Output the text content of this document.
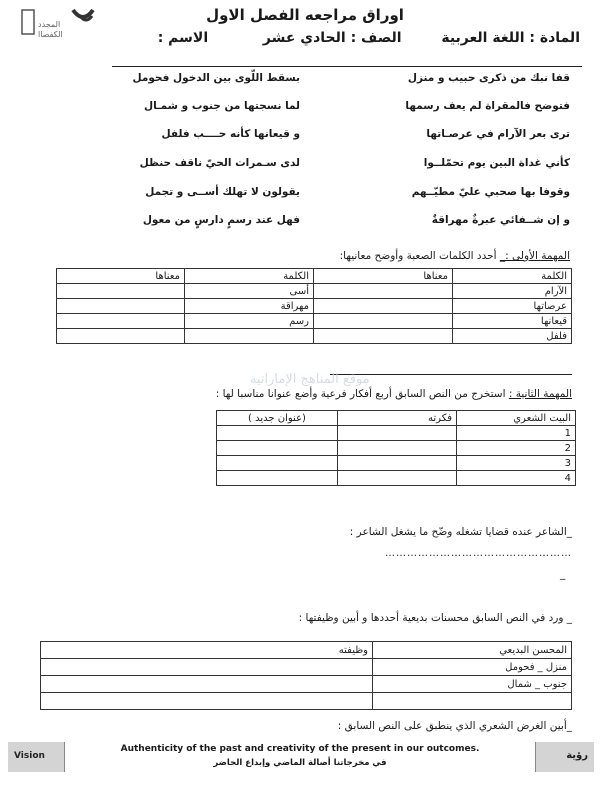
المجدد
الكفصاا
اوراق مراجعه الفصل الاول
المادة : اللغة العربية  الصف : الحادي عشر  الاسم :
قفا نبك من ذكرى حبيب و منزل
بسقط اللّوى بين الدخول فحومل
فتوضح فالمقراة لم يعف رسمها
لما نسجتها من جنوب و شمـال
ترى بعر الآرام في عرصـاتها
و قيعانها كأنه حــــب فلفل
كأني غداة البين يوم تحمّلــوا
لدى سـمرات الحيّ ناقف حنظل
وقوفا بها صحبي عليّ مطيّــهم
يقولون لا تهلك أســى و تجمل
و إن شــفائي عبرةٌ مهراقةٌ
فهل عند رسمٍ دارسٍ من معول
المهمة الأولى :_ أحدد الكلمات الصعبة وأوضح معانيها:
الكلمة	معناها	الكلمة	معناها
الآرام		أسى	
عرصاتها		مهراقة	
قيعانها		رسم	
فلفل			
موقع المناهج الإماراتية
المهمة الثانية : استخرج من النص السابق أربع أفكار فرعية وأضع عنوانا مناسبا لها :
البيت الشعري	فكرته	(عنوان جديد )
1		
2		
3		
4		
_الشاعر عنده قضايا تشغله وضّح ما يشغل الشاعر :
……………………………………………
_
_ ورد في النص السابق محسنات بديعية أحددها و أبين وظيفتها :
المحسن البديعي	وظيفته
منزل _ فحومل	
جنوب _ شمال	

_أبين الغرض الشعري الذي ينطبق على النص السابق :
Vision
Authenticity of the past and creativity of the present in our outcomes.
في مخرجاتنا أصالة الماضي وإبداع الحاضر
رؤية
